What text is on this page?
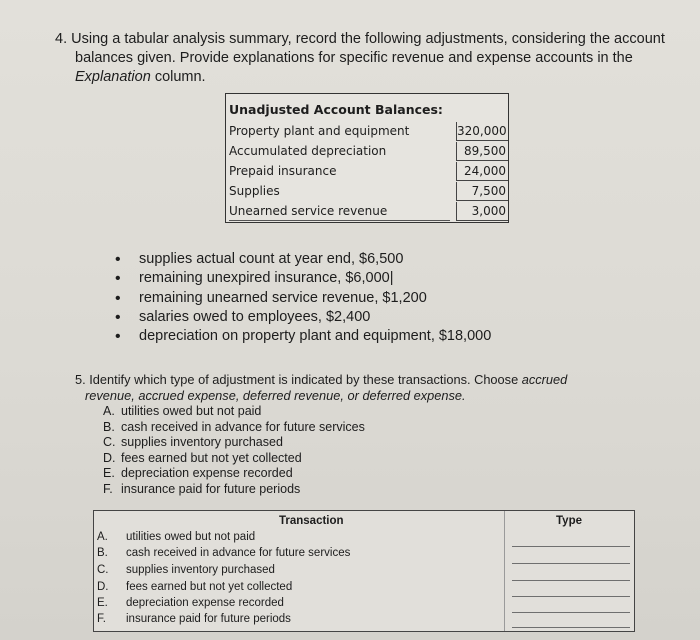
4. Using a tabular analysis summary, record the following adjustments, considering the account
balances given. Provide explanations for specific revenue and expense accounts in the
Explanation column.
Unadjusted Account Balances:
Property plant and equipment	320,000
Accumulated depreciation	89,500
Prepaid insurance	24,000
Supplies	7,500
Unearned service revenue	3,000
• supplies actual count at year end, $6,500
• remaining unexpired insurance, $6,000|
• remaining unearned service revenue, $1,200
• salaries owed to employees, $2,400
• depreciation on property plant and equipment, $18,000
5. Identify which type of adjustment is indicated by these transactions. Choose accrued
revenue, accrued expense, deferred revenue, or deferred expense.
A. utilities owed but not paid
B. cash received in advance for future services
C. supplies inventory purchased
D. fees earned but not yet collected
E. depreciation expense recorded
F. insurance paid for future periods
Transaction	Type
A. utilities owed but not paid
B. cash received in advance for future services
C. supplies inventory purchased
D. fees earned but not yet collected
E. depreciation expense recorded
F. insurance paid for future periods
